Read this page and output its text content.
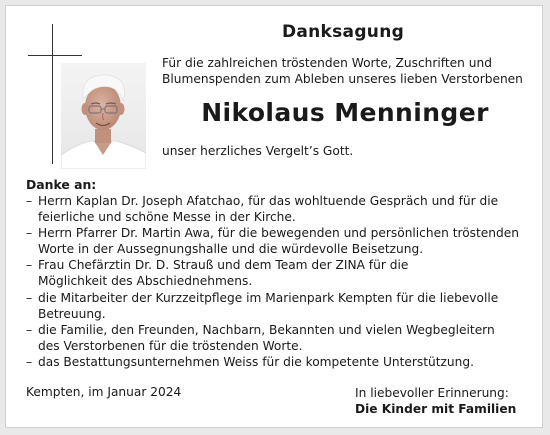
Danksagung
Für die zahlreichen tröstenden Worte, Zuschriften und
Blumenspenden zum Ableben unseres lieben Verstorbenen
Nikolaus Menninger
unser herzliches Vergelt’s Gott.
Danke an:
– Herrn Kaplan Dr. Joseph Afatchao, für das wohltuende Gespräch und für die
feierliche und schöne Messe in der Kirche.
– Herrn Pfarrer Dr. Martin Awa, für die bewegenden und persönlichen tröstenden
Worte in der Aussegnungshalle und die würdevolle Beisetzung.
– Frau Chefärztin Dr. D. Strauß und dem Team der ZINA für die
Möglichkeit des Abschiednehmens.
– die Mitarbeiter der Kurzzeitpflege im Marienpark Kempten für die liebevolle
Betreuung.
– die Familie, den Freunden, Nachbarn, Bekannten und vielen Wegbegleitern
des Verstorbenen für die tröstenden Worte.
– das Bestattungsunternehmen Weiss für die kompetente Unterstützung.
Kempten, im Januar 2024	In liebevoller Erinnerung:
Die Kinder mit Familien
